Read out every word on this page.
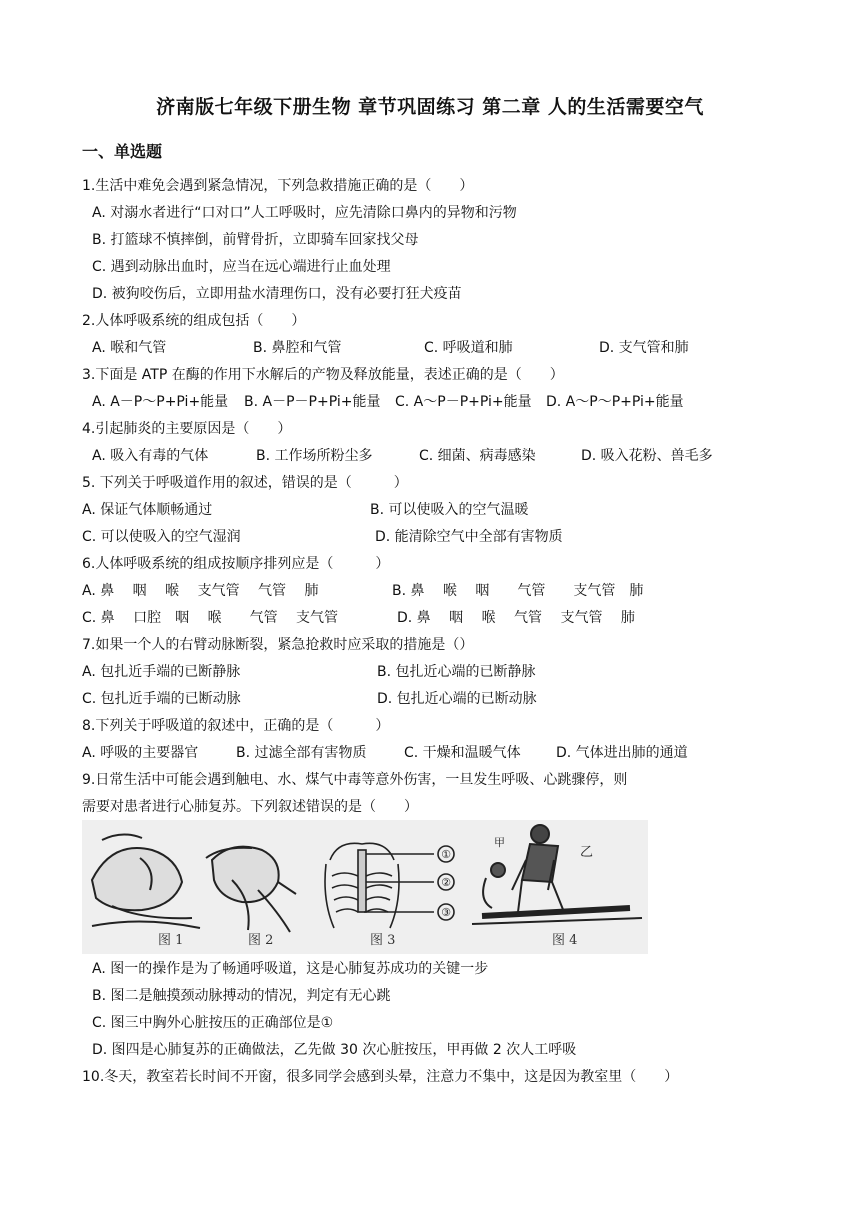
济南版七年级下册生物 章节巩固练习 第二章 人的生活需要空气
一、单选题
1.生活中难免会遇到紧急情况，下列急救措施正确的是（　　）
A. 对溺水者进行“口对口”人工呼吸时，应先清除口鼻内的异物和污物
B. 打篮球不慎摔倒，前臂骨折，立即骑车回家找父母
C. 遇到动脉出血时，应当在远心端进行止血处理
D. 被狗咬伤后，立即用盐水清理伤口，没有必要打狂犬疫苗
2.人体呼吸系统的组成包括（　　）
A. 喉和气管	B. 鼻腔和气管	C. 呼吸道和肺	D. 支气管和肺
3.下面是 ATP 在酶的作用下水解后的产物及释放能量，表述正确的是（　　）
A. A－P～P+Pi+能量 B. A－P－P+Pi+能量 C. A～P－P+Pi+能量 D. A～P～P+Pi+能量
4.引起肺炎的主要原因是（　　）
A. 吸入有毒的气体	B. 工作场所粉尘多	C. 细菌、病毒感染	D. 吸入花粉、兽毛多
5. 下列关于呼吸道作用的叙述，错误的是（　　　）
A. 保证气体顺畅通过	B. 可以使吸入的空气温暖
C. 可以使吸入的空气湿润	D. 能清除空气中全部有害物质
6.人体呼吸系统的组成按顺序排列应是（　　　）
A. 鼻　 咽　 喉　 支气管　 气管　 肺	B. 鼻　 喉　 咽　　气管　　支气管　肺
C. 鼻　 口腔　咽　 喉　　气管　 支气管	D. 鼻　 咽　 喉　 气管　 支气管　 肺
7.如果一个人的右臂动脉断裂，紧急抢救时应采取的措施是（）
A. 包扎近手端的已断静脉	B. 包扎近心端的已断静脉
C. 包扎近手端的已断动脉	D. 包扎近心端的已断动脉
8.下列关于呼吸道的叙述中，正确的是（　　　）
A. 呼吸的主要器官	B. 过滤全部有害物质	C. 干燥和温暖气体	D. 气体进出肺的通道
9.日常生活中可能会遇到触电、水、煤气中毒等意外伤害，一旦发生呼吸、心跳骤停，则
需要对患者进行心肺复苏。下列叙述错误的是（　　）
①
②
③
甲
乙
图 1	图 2	图 3	图 4
A. 图一的操作是为了畅通呼吸道，这是心肺复苏成功的关键一步
B. 图二是触摸颈动脉搏动的情况，判定有无心跳
C. 图三中胸外心脏按压的正确部位是①
D. 图四是心肺复苏的正确做法，乙先做 30 次心脏按压，甲再做 2 次人工呼吸
10.冬天，教室若长时间不开窗，很多同学会感到头晕，注意力不集中，这是因为教室里（　　）
